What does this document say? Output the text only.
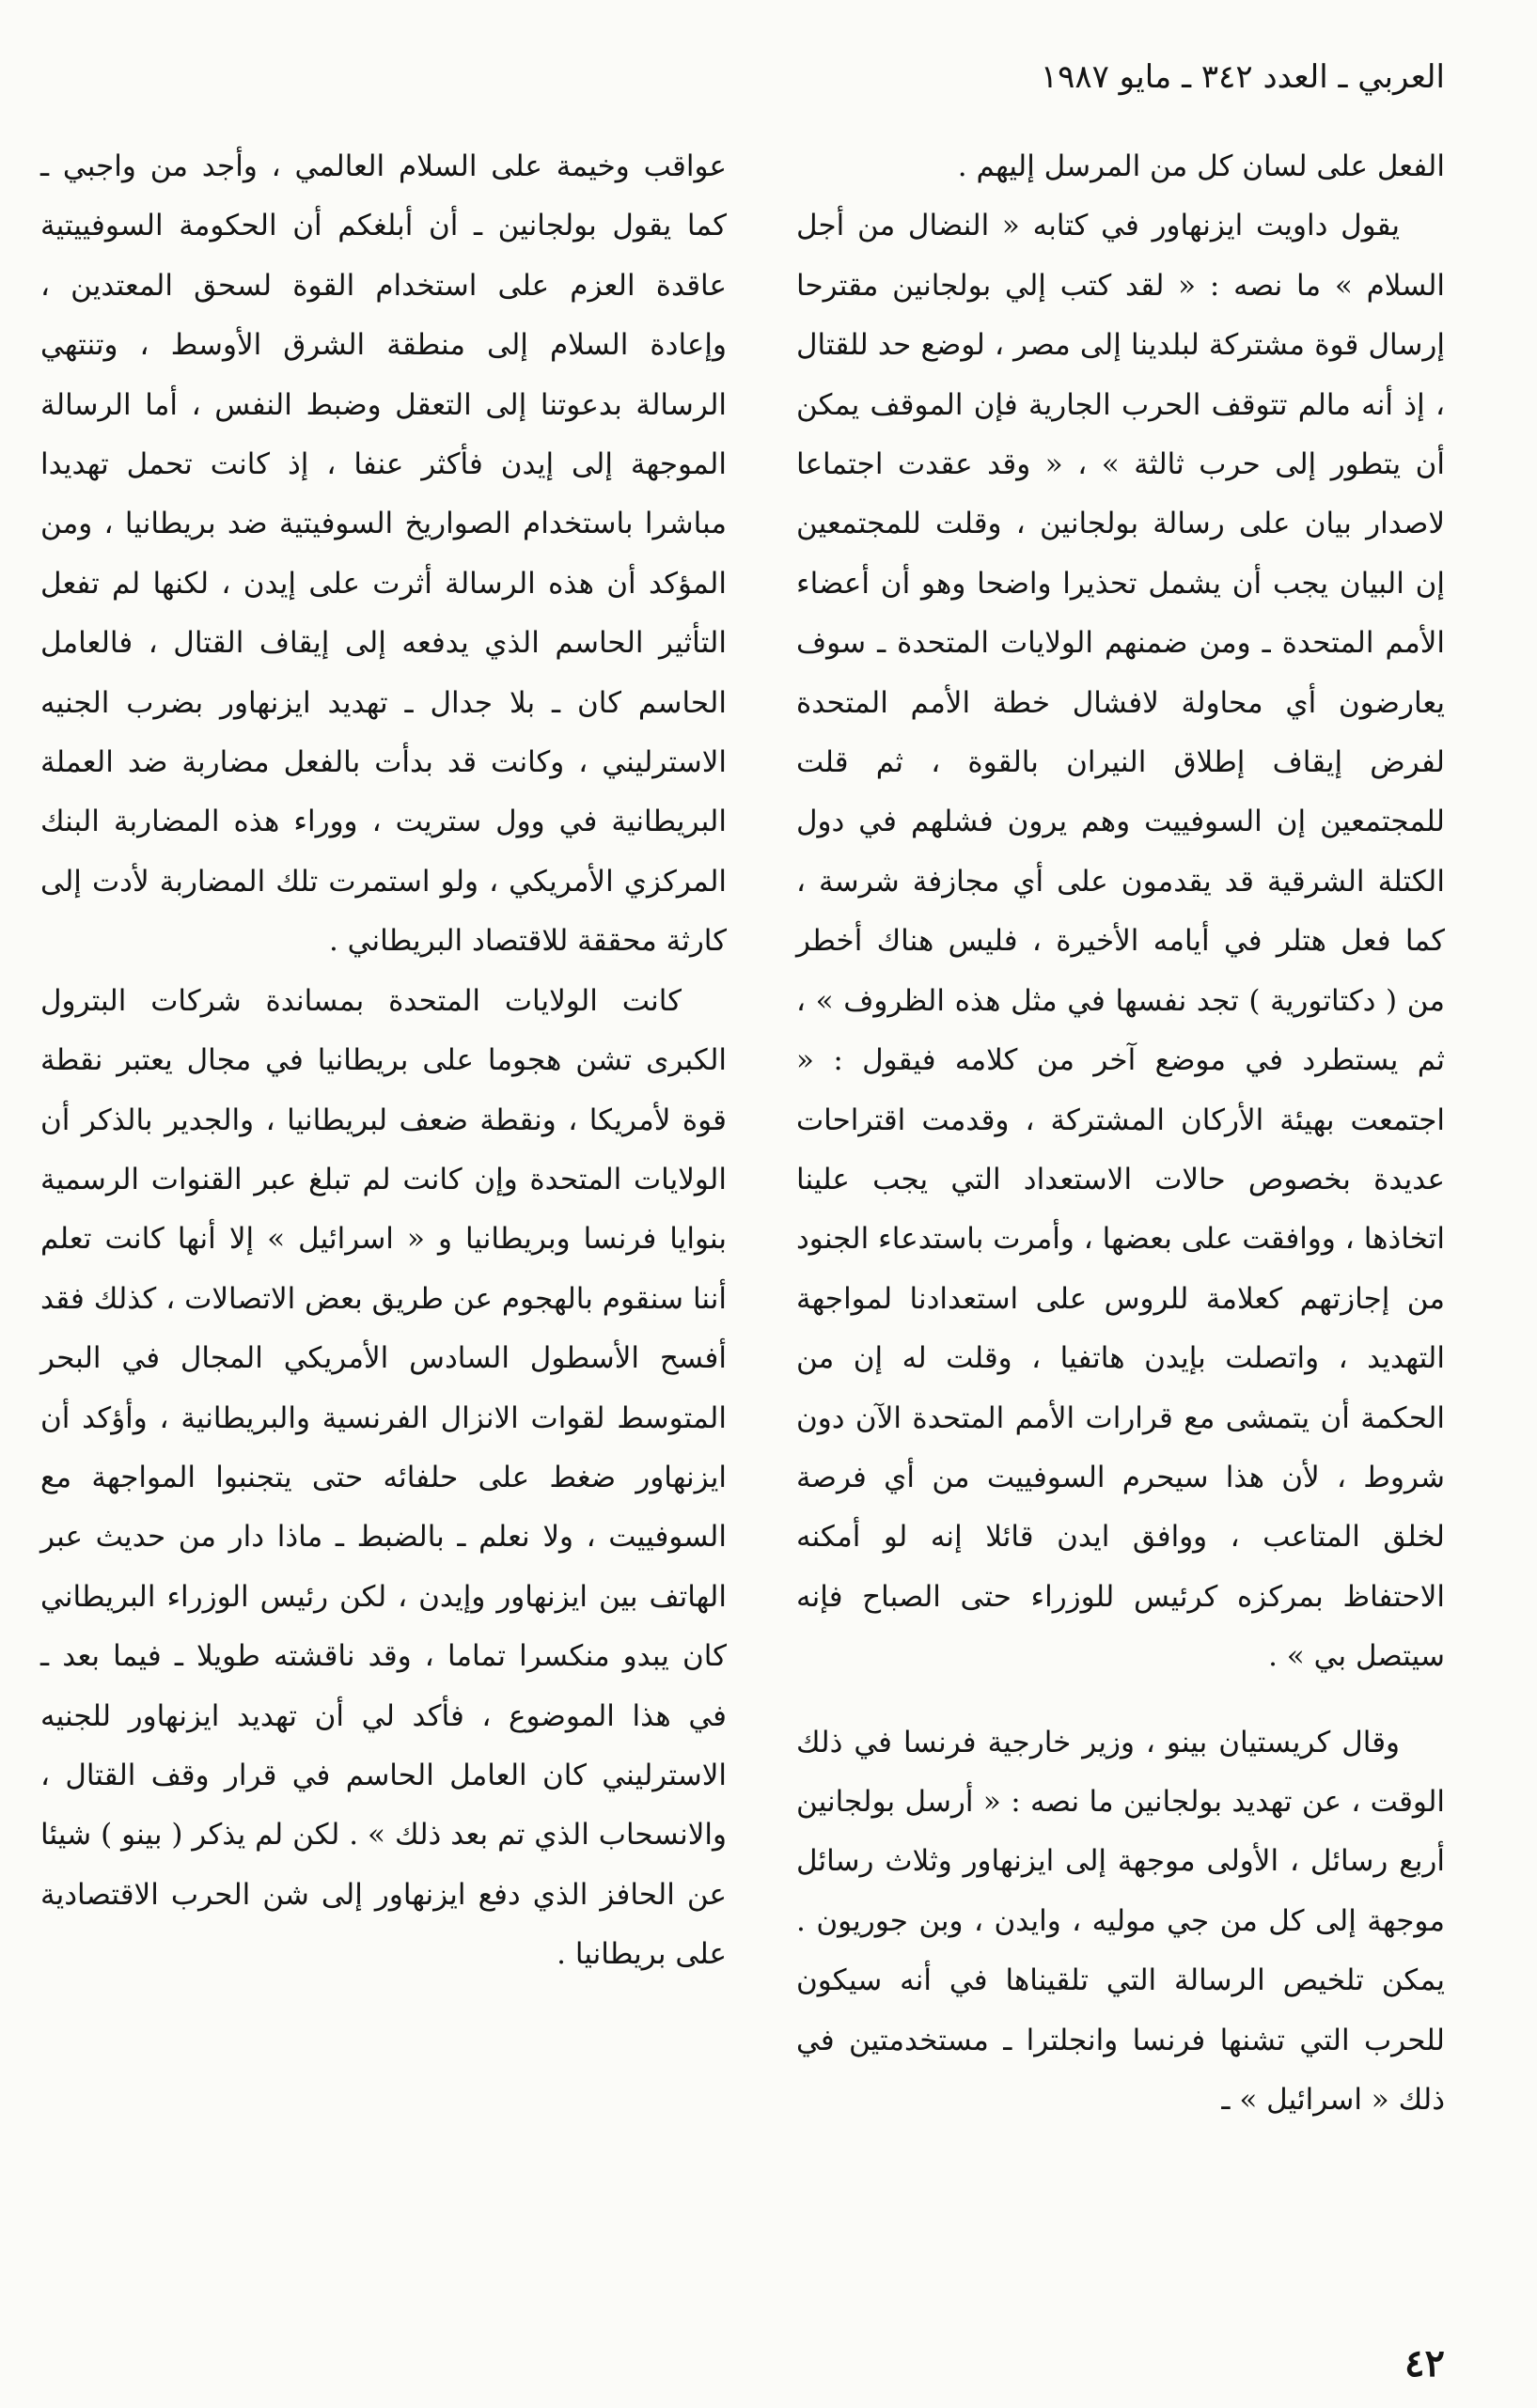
العربي ـ العدد ٣٤٢ ـ مايو ١٩٨٧

الفعل على لسان كل من المرسل إليهم .

يقول داويت ايزنهاور في كتابه « النضال من أجل السلام » ما نصه : « لقد كتب إلي بولجانين مقترحا إرسال قوة مشتركة لبلدينا إلى مصر ، لوضع حد للقتال ، إذ أنه مالم تتوقف الحرب الجارية فإن الموقف يمكن أن يتطور إلى حرب ثالثة » ، « وقد عقدت اجتماعا لاصدار بيان على رسالة بولجانين ، وقلت للمجتمعين إن البيان يجب أن يشمل تحذيرا واضحا وهو أن أعضاء الأمم المتحدة ـ ومن ضمنهم الولايات المتحدة ـ سوف يعارضون أي محاولة لافشال خطة الأمم المتحدة لفرض إيقاف إطلاق النيران بالقوة ، ثم قلت للمجتمعين إن السوفييت وهم يرون فشلهم في دول الكتلة الشرقية قد يقدمون على أي مجازفة شرسة ، كما فعل هتلر في أيامه الأخيرة ، فليس هناك أخطر من ( دكتاتورية ) تجد نفسها في مثل هذه الظروف » ، ثم يستطرد في موضع آخر من كلامه فيقول : « اجتمعت بهيئة الأركان المشتركة ، وقدمت اقتراحات عديدة بخصوص حالات الاستعداد التي يجب علينا اتخاذها ، ووافقت على بعضها ، وأمرت باستدعاء الجنود من إجازتهم كعلامة للروس على استعدادنا لمواجهة التهديد ، واتصلت بإيدن هاتفيا ، وقلت له إن من الحكمة أن يتمشى مع قرارات الأمم المتحدة الآن دون شروط ، لأن هذا سيحرم السوفييت من أي فرصة لخلق المتاعب ، ووافق ايدن قائلا إنه لو أمكنه الاحتفاظ بمركزه كرئيس للوزراء حتى الصباح فإنه سيتصل بي » .

وقال كريستيان بينو ، وزير خارجية فرنسا في ذلك الوقت ، عن تهديد بولجانين ما نصه : « أرسل بولجانين أربع رسائل ، الأولى موجهة إلى ايزنهاور وثلاث رسائل موجهة إلى كل من جي موليه ، وايدن ، وبن جوريون . يمكن تلخيص الرسالة التي تلقيناها في أنه سيكون للحرب التي تشنها فرنسا وانجلترا ـ مستخدمتين في ذلك « اسرائيل » ـ

عواقب وخيمة على السلام العالمي ، وأجد من واجبي ـ كما يقول بولجانين ـ أن أبلغكم أن الحكومة السوفييتية عاقدة العزم على استخدام القوة لسحق المعتدين ، وإعادة السلام إلى منطقة الشرق الأوسط ، وتنتهي الرسالة بدعوتنا إلى التعقل وضبط النفس ، أما الرسالة الموجهة إلى إيدن فأكثر عنفا ، إذ كانت تحمل تهديدا مباشرا باستخدام الصواريخ السوفيتية ضد بريطانيا ، ومن المؤكد أن هذه الرسالة أثرت على إيدن ، لكنها لم تفعل التأثير الحاسم الذي يدفعه إلى إيقاف القتال ، فالعامل الحاسم كان ـ بلا جدال ـ تهديد ايزنهاور بضرب الجنيه الاسترليني ، وكانت قد بدأت بالفعل مضاربة ضد العملة البريطانية في وول ستريت ، ووراء هذه المضاربة البنك المركزي الأمريكي ، ولو استمرت تلك المضاربة لأدت إلى كارثة محققة للاقتصاد البريطاني .

كانت الولايات المتحدة بمساندة شركات البترول الكبرى تشن هجوما على بريطانيا في مجال يعتبر نقطة قوة لأمريكا ، ونقطة ضعف لبريطانيا ، والجدير بالذكر أن الولايات المتحدة وإن كانت لم تبلغ عبر القنوات الرسمية بنوايا فرنسا وبريطانيا و « اسرائيل » إلا أنها كانت تعلم أننا سنقوم بالهجوم عن طريق بعض الاتصالات ، كذلك فقد أفسح الأسطول السادس الأمريكي المجال في البحر المتوسط لقوات الانزال الفرنسية والبريطانية ، وأؤكد أن ايزنهاور ضغط على حلفائه حتى يتجنبوا المواجهة مع السوفييت ، ولا نعلم ـ بالضبط ـ ماذا دار من حديث عبر الهاتف بين ايزنهاور وإيدن ، لكن رئيس الوزراء البريطاني كان يبدو منكسرا تماما ، وقد ناقشته طويلا ـ فيما بعد ـ في هذا الموضوع ، فأكد لي أن تهديد ايزنهاور للجنيه الاسترليني كان العامل الحاسم في قرار وقف القتال ، والانسحاب الذي تم بعد ذلك » . لكن لم يذكر ( بينو ) شيئا عن الحافز الذي دفع ايزنهاور إلى شن الحرب الاقتصادية على بريطانيا .

٤٢
